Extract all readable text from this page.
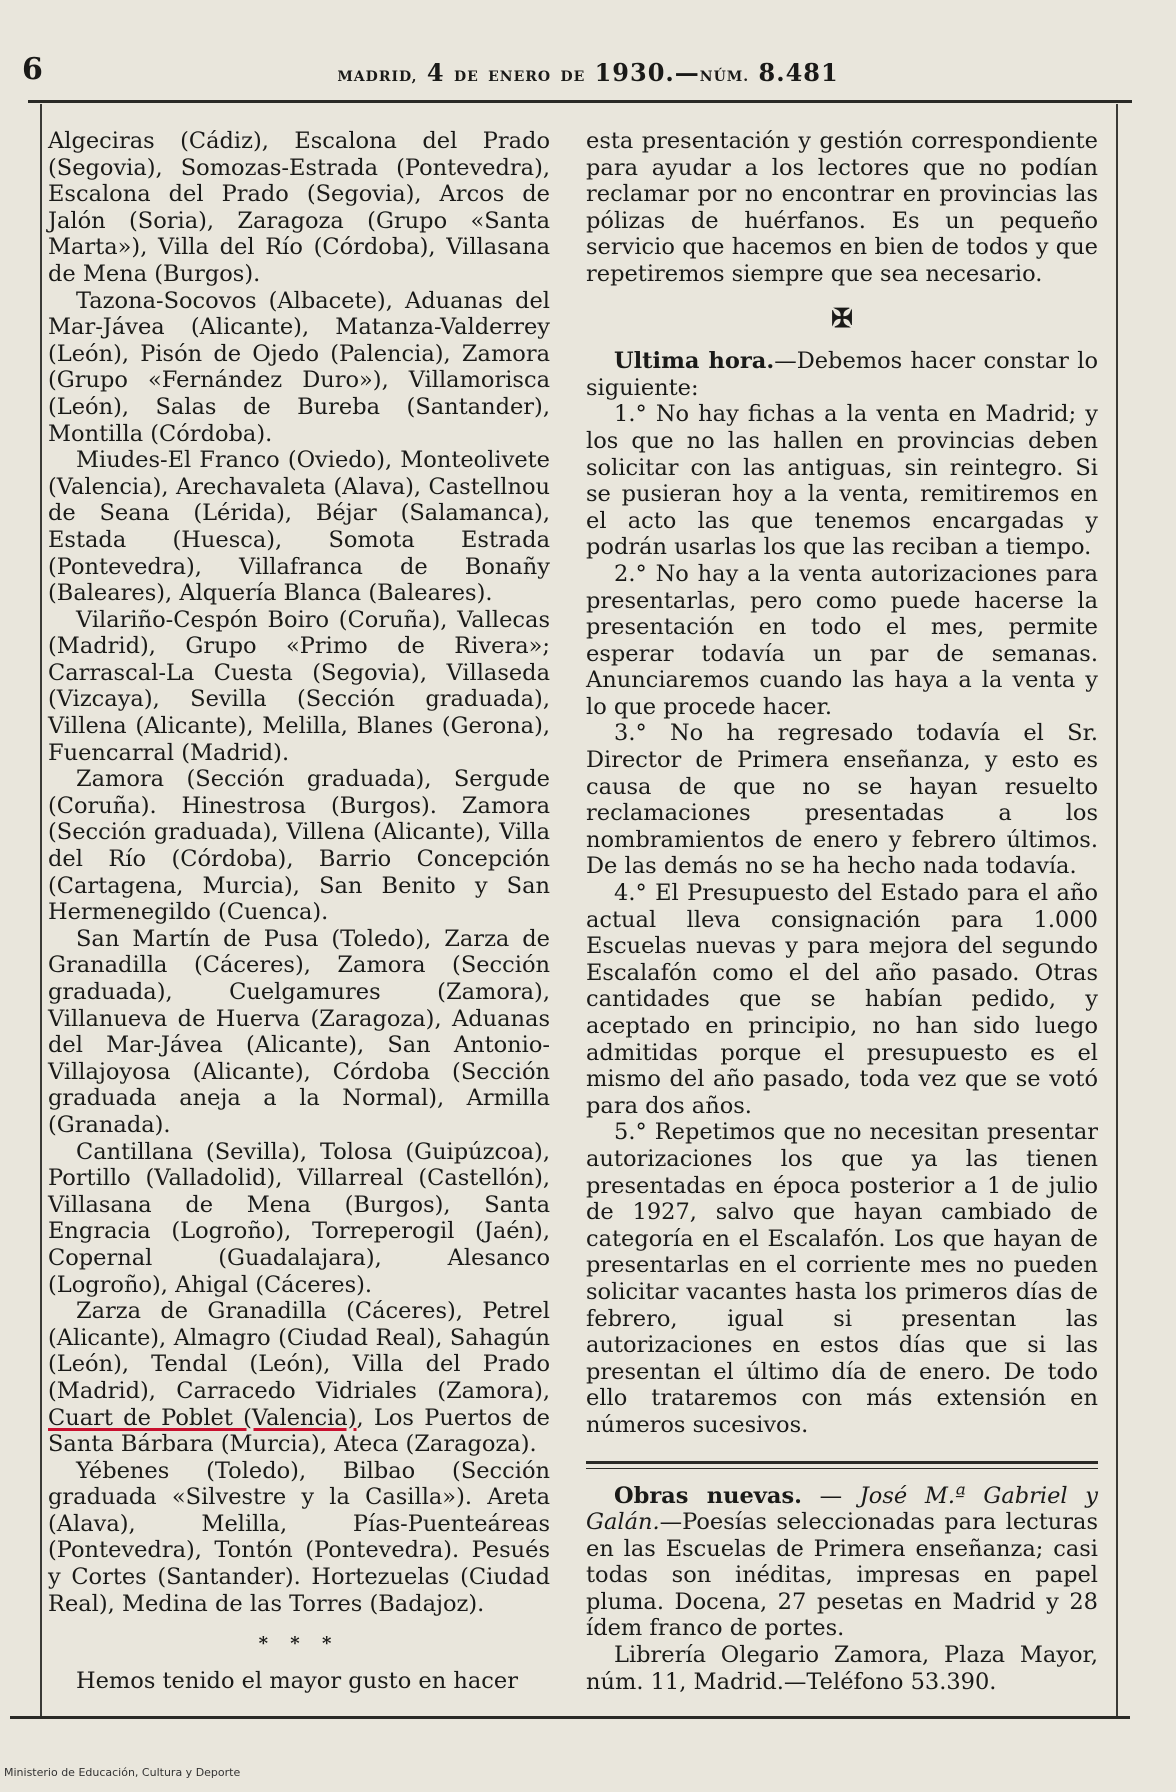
6	MADRID, 4 DE ENERO DE 1930.—NÚM. 8.481

Algeciras (Cádiz), Escalona del Prado (Segovia), Somozas-Estrada (Pontevedra), Escalona del Prado (Segovia), Arcos de Jalón (Soria), Zaragoza (Grupo «Santa Marta»), Villa del Río (Córdoba), Villasana de Mena (Burgos).

Tazona-Socovos (Albacete), Aduanas del Mar-Jávea (Alicante), Matanza-Valderrey (León), Pisón de Ojedo (Palencia), Zamora (Grupo «Fernández Duro»), Villamorisca (León), Salas de Bureba (Santander), Montilla (Córdoba).

Miudes-El Franco (Oviedo), Monteolivete (Valencia), Arechavaleta (Alava), Castellnou de Seana (Lérida), Béjar (Salamanca), Estada (Huesca), Somota Estrada (Pontevedra), Villafranca de Bonañy (Baleares), Alquería Blanca (Baleares).

Vilariño-Cespón Boiro (Coruña), Vallecas (Madrid), Grupo «Primo de Rivera»; Carrascal-La Cuesta (Segovia), Villaseda (Vizcaya), Sevilla (Sección graduada), Villena (Alicante), Melilla, Blanes (Gerona), Fuencarral (Madrid).

Zamora (Sección graduada), Sergude (Coruña). Hinestrosa (Burgos). Zamora (Sección graduada), Villena (Alicante), Villa del Río (Córdoba), Barrio Concepción (Cartagena, Murcia), San Benito y San Hermenegildo (Cuenca).

San Martín de Pusa (Toledo), Zarza de Granadilla (Cáceres), Zamora (Sección graduada), Cuelgamures (Zamora), Villanueva de Huerva (Zaragoza), Aduanas del Mar-Jávea (Alicante), San Antonio-Villajoyosa (Alicante), Córdoba (Sección graduada aneja a la Normal), Armilla (Granada).

Cantillana (Sevilla), Tolosa (Guipúzcoa), Portillo (Valladolid), Villarreal (Castellón), Villasana de Mena (Burgos), Santa Engracia (Logroño), Torreperogil (Jaén), Copernal (Guadalajara), Alesanco (Logroño), Ahigal (Cáceres).

Zarza de Granadilla (Cáceres), Petrel (Alicante), Almagro (Ciudad Real), Sahagún (León), Tendal (León), Villa del Prado (Madrid), Carracedo Vidriales (Zamora), Cuart de Poblet (Valencia), Los Puertos de Santa Bárbara (Murcia), Ateca (Zaragoza).

Yébenes (Toledo), Bilbao (Sección graduada «Silvestre y la Casilla»). Areta (Alava), Melilla, Pías-Puenteáreas (Pontevedra), Tontón (Pontevedra). Pesués y Cortes (Santander). Hortezuelas (Ciudad Real), Medina de las Torres (Badajoz).

* * *

Hemos tenido el mayor gusto en hacer

esta presentación y gestión correspondiente para ayudar a los lectores que no podían reclamar por no encontrar en provincias las pólizas de huérfanos. Es un pequeño servicio que hacemos en bien de todos y que repetiremos siempre que sea necesario.

✠

Ultima hora.—Debemos hacer constar lo siguiente:

1.° No hay fichas a la venta en Madrid; y los que no las hallen en provincias deben solicitar con las antiguas, sin reintegro. Si se pusieran hoy a la venta, remitiremos en el acto las que tenemos encargadas y podrán usarlas los que las reciban a tiempo.

2.° No hay a la venta autorizaciones para presentarlas, pero como puede hacerse la presentación en todo el mes, permite esperar todavía un par de semanas. Anunciaremos cuando las haya a la venta y lo que procede hacer.

3.° No ha regresado todavía el Sr. Director de Primera enseñanza, y esto es causa de que no se hayan resuelto reclamaciones presentadas a los nombramientos de enero y febrero últimos. De las demás no se ha hecho nada todavía.

4.° El Presupuesto del Estado para el año actual lleva consignación para 1.000 Escuelas nuevas y para mejora del segundo Escalafón como el del año pasado. Otras cantidades que se habían pedido, y aceptado en principio, no han sido luego admitidas porque el presupuesto es el mismo del año pasado, toda vez que se votó para dos años.

5.° Repetimos que no necesitan presentar autorizaciones los que ya las tienen presentadas en época posterior a 1 de julio de 1927, salvo que hayan cambiado de categoría en el Escalafón. Los que hayan de presentarlas en el corriente mes no pueden solicitar vacantes hasta los primeros días de febrero, igual si presentan las autorizaciones en estos días que si las presentan el último día de enero. De todo ello trataremos con más extensión en números sucesivos.

Obras nuevas. — José M.ª Gabriel y Galán.—Poesías seleccionadas para lecturas en las Escuelas de Primera enseñanza; casi todas son inéditas, impresas en papel pluma. Docena, 27 pesetas en Madrid y 28 ídem franco de portes.

Librería Olegario Zamora, Plaza Mayor, núm. 11, Madrid.—Teléfono 53.390.

Ministerio de Educación, Cultura y Deporte
